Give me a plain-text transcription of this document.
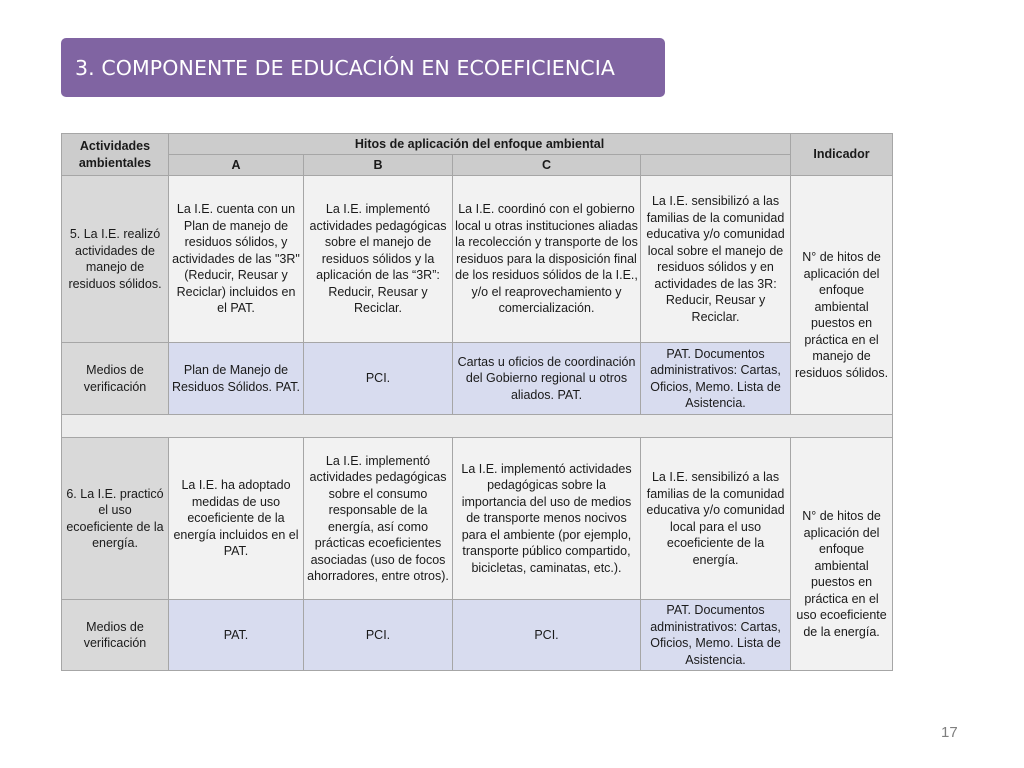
3. COMPONENTE DE EDUCACIÓN EN ECOEFICIENCIA
Actividades ambientales	Hitos de aplicación del enfoque ambiental				Indicador
	A	B	C		
5. La I.E. realizó actividades de manejo de residuos sólidos.	La I.E. cuenta con un Plan de manejo de residuos sólidos, y actividades de las "3R" (Reducir, Reusar y Reciclar) incluidos en el PAT.	La I.E. implementó actividades pedagógicas sobre el manejo de residuos sólidos y la aplicación de las “3R”: Reducir, Reusar y Reciclar.	La I.E. coordinó con el gobierno local u otras instituciones aliadas la recolección y transporte de los residuos para la disposición final de los residuos sólidos de la I.E., y/o el reaprovechamiento y comercialización.	La I.E. sensibilizó a las familias de la comunidad educativa y/o comunidad local sobre el manejo de residuos sólidos y en actividades de las 3R: Reducir, Reusar y Reciclar.	N° de hitos de aplicación del enfoque ambiental puestos en práctica en el manejo de residuos sólidos.

Medios de verificación	Plan de Manejo de Residuos Sólidos. PAT.	PCI.	Cartas u oficios de coordinación del Gobierno regional u otros aliados. PAT.	PAT. Documentos administrativos: Cartas, Oficios, Memo. Lista de Asistencia.	

6. La I.E. practicó el uso ecoeficiente de la energía.	La I.E. ha adoptado medidas de uso ecoeficiente de la energía incluidos en el PAT.	La I.E. implementó actividades pedagógicas sobre el consumo responsable de la energía, así como prácticas ecoeficientes asociadas (uso de focos ahorradores, entre otros).	La I.E. implementó actividades pedagógicas sobre la importancia del uso de medios de transporte menos nocivos para el ambiente (por ejemplo, transporte público compartido, bicicletas, caminatas, etc.).	La I.E. sensibilizó a las familias de la comunidad educativa y/o comunidad local para el uso ecoeficiente de la energía.	N° de hitos de aplicación del enfoque ambiental puestos en práctica en el uso ecoeficiente de la energía.

Medios de verificación	PAT.	PCI.	PCI.	PAT. Documentos administrativos: Cartas, Oficios, Memo. Lista de Asistencia.	
17
